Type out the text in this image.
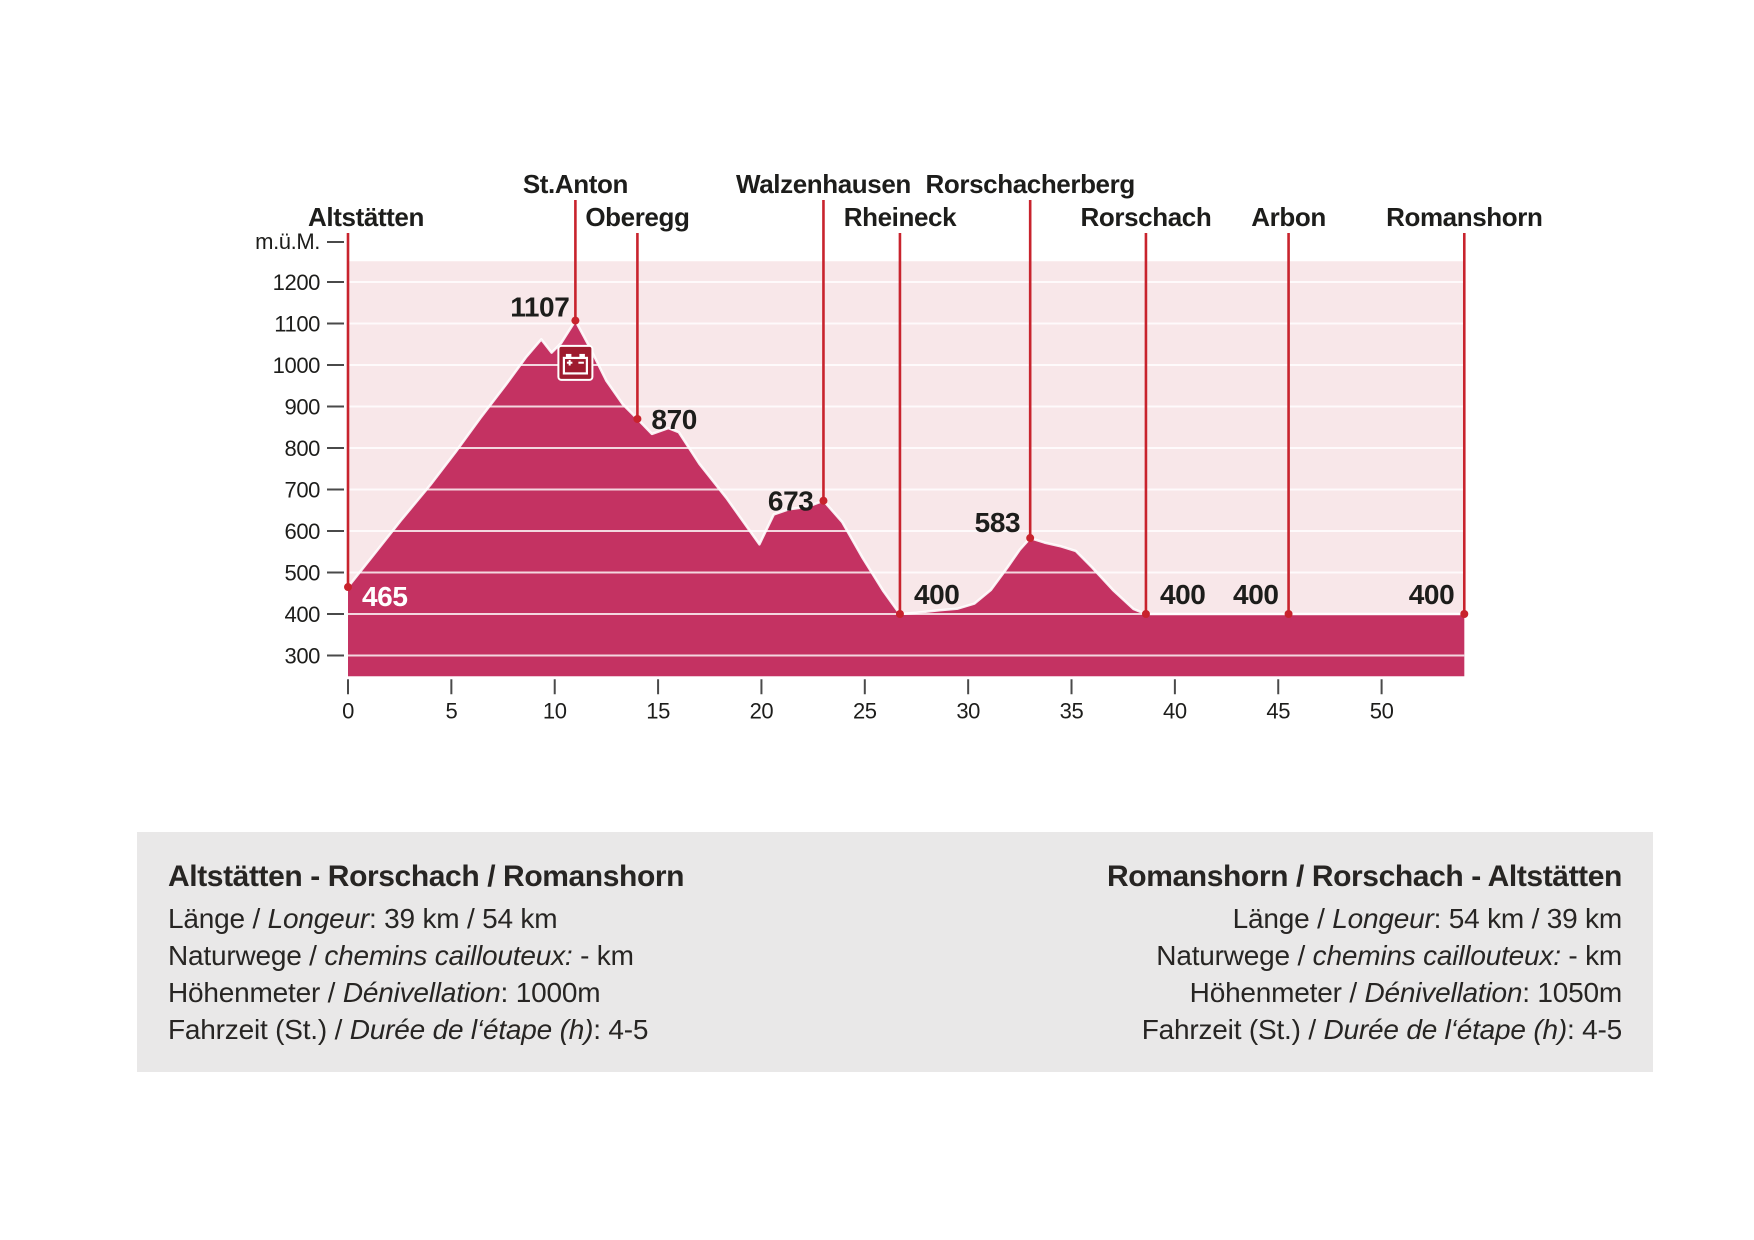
m.ü.M.
1200
1100
1000
900
800
700
600
500
400
300
0	5	10	15	20	25	30	35	40	45	50
Altstätten
465
St.Anton
1107
Oberegg
870
Walzenhausen
673
Rheineck
400
Rorschacherberg
583
Rorschach
400
Arbon
400
Romanshorn
400
Altstätten - Rorschach / Romanshorn
Länge / Longeur: 39 km / 54 km
Naturwege / chemins caillouteux: - km
Höhenmeter / Dénivellation: 1000m
Fahrzeit (St.) / Durée de l‘étape (h): 4-5
Romanshorn / Rorschach - Altstätten
Länge / Longeur: 54 km / 39 km
Naturwege / chemins caillouteux: - km
Höhenmeter / Dénivellation: 1050m
Fahrzeit (St.) / Durée de l‘étape (h): 4-5
